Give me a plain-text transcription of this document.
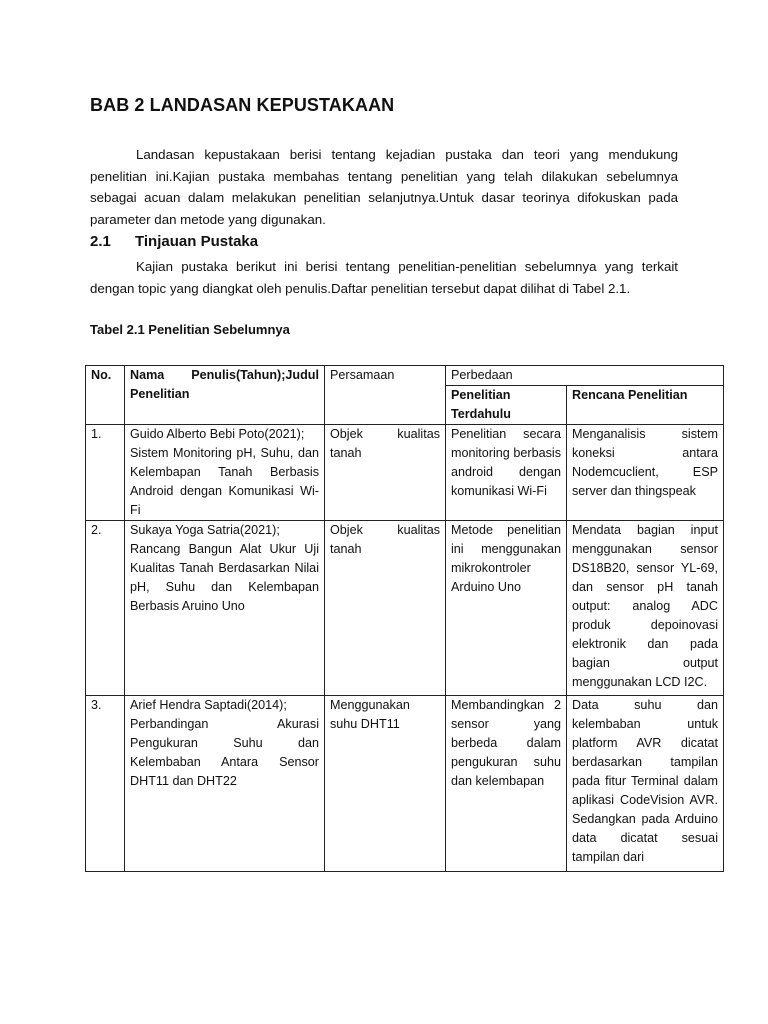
BAB 2 LANDASAN KEPUSTAKAAN
Landasan kepustakaan berisi tentang kejadian pustaka dan teori yang mendukung penelitian ini.Kajian pustaka membahas tentang penelitian yang telah dilakukan sebelumnya sebagai acuan dalam melakukan penelitian selanjutnya.Untuk dasar teorinya difokuskan pada parameter dan metode yang digunakan.
2.1 Tinjauan Pustaka
Kajian pustaka berikut ini berisi tentang penelitian-penelitian sebelumnya yang terkait dengan topic yang diangkat oleh penulis.Daftar penelitian tersebut dapat dilihat di Tabel 2.1.
Tabel 2.1 Penelitian Sebelumnya
No.	Nama Penulis(Tahun);Judul Penelitian	Persamaan	Perbedaan	
			Penelitian Terdahulu	Rencana Penelitian
1.	Guido Alberto Bebi Poto(2021);
Sistem Monitoring pH, Suhu, dan Kelembapan Tanah Berbasis Android dengan Komunikasi Wi-Fi	Objek kualitas tanah	Penelitian secara monitoring berbasis android dengan komunikasi Wi-Fi	Menganalisis sistem koneksi antara Nodemcuclient, ESP server dan thingspeak
2.	Sukaya Yoga Satria(2021);
Rancang Bangun Alat Ukur Uji Kualitas Tanah Berdasarkan Nilai pH, Suhu dan Kelembapan Berbasis Aruino Uno	Objek kualitas tanah	Metode penelitian ini menggunakan mikrokontroler Arduino Uno	Mendata bagian input menggunakan sensor DS18B20, sensor YL-69, dan sensor pH tanah output: analog ADC produk depoinovasi elektronik dan pada bagian output menggunakan LCD I2C.
3.	Arief Hendra Saptadi(2014);
Perbandingan Akurasi Pengukuran Suhu dan Kelembaban Antara Sensor DHT11 dan DHT22	Menggunakan suhu DHT11	Membandingkan 2 sensor yang berbeda dalam pengukuran suhu dan kelembapan	Data suhu dan kelembaban untuk platform AVR dicatat berdasarkan tampilan pada fitur Terminal dalam aplikasi CodeVision AVR. Sedangkan pada Arduino data dicatat sesuai tampilan dari
